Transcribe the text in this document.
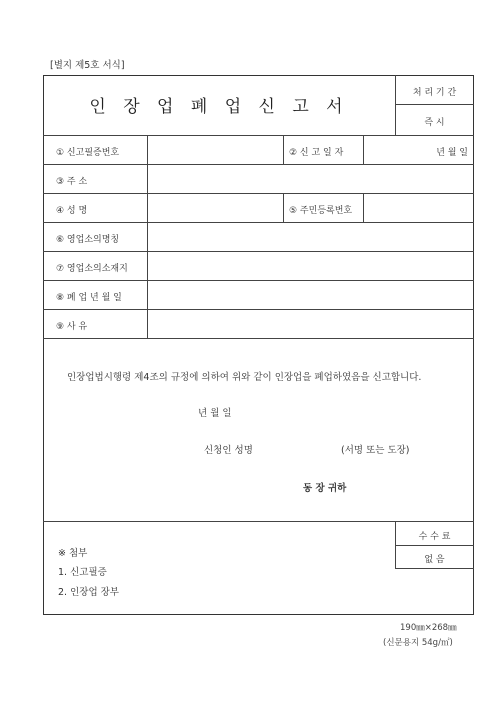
[별지 제5호 서식]
인 장 업 폐 업 신 고 서
처 리 기 간
즉 시
① 신고필증번호	② 신 고 일 자	년 월 일
③ 주 소
④ 성 명	⑤ 주민등록번호
⑥ 영업소의명칭
⑦ 영업소의소재지
⑧ 폐 업 년 월 일
⑨ 사 유
인장업법시행령 제4조의 규정에 의하여 위와 같이 인장업을 폐업하였음을 신고합니다.
년 월 일
신청인 성명	(서명 또는 도장)
동 장 귀하
※ 첨부
1. 신고필증
2. 인장업 장부
수 수 료
없 음
190㎜×268㎜
(신문용지 54g/㎡)
